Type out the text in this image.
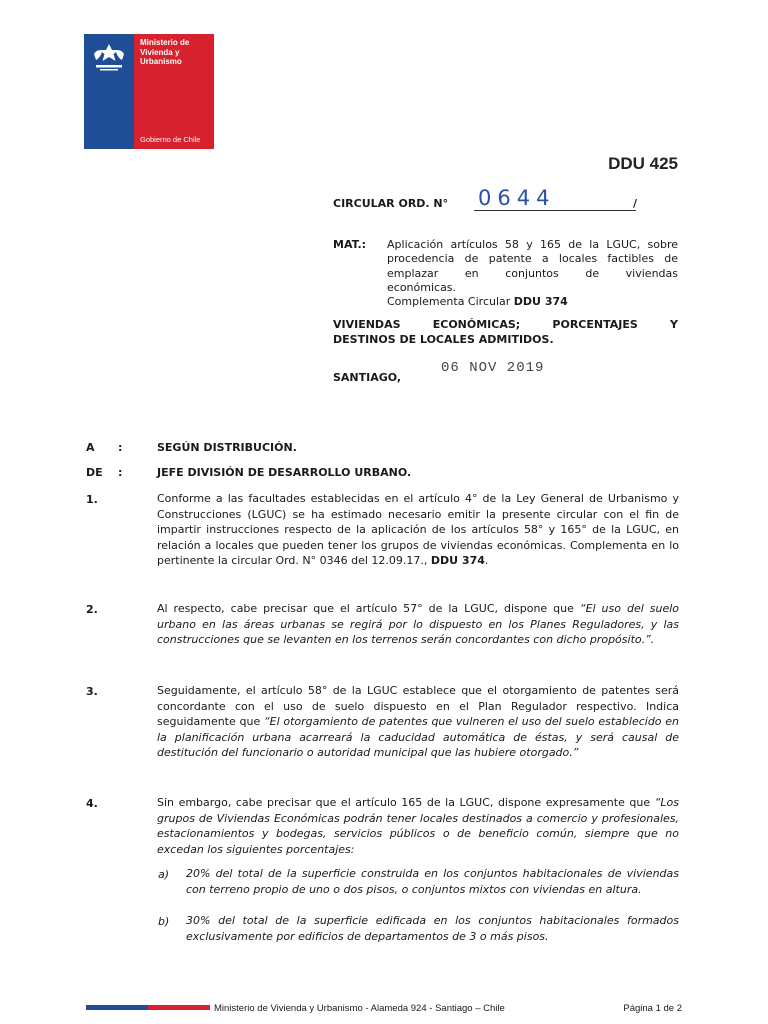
Ministerio de
Vivienda y
Urbanismo
Gobierno de Chile
DDU 425
CIRCULAR ORD. N° 0644	/
MAT.: Aplicación artículos 58 y 165 de la LGUC, sobre
procedencia de patente a locales factibles de
emplazar en conjuntos de viviendas
económicas.
Complementa Circular DDU 374
VIVIENDAS ECONÓMICAS; PORCENTAJES Y
DESTINOS DE LOCALES ADMITIDOS.
06 NOV 2019
SANTIAGO,
A :	SEGÚN DISTRIBUCIÓN.
DE :	JEFE DIVISIÓN DE DESARROLLO URBANO.
1.	Conforme a las facultades establecidas en el artículo 4° de la Ley General de Urbanismo y Construcciones (LGUC) se ha estimado necesario emitir la presente circular con el fin de impartir instrucciones respecto de la aplicación de los artículos 58° y 165° de la LGUC, en relación a locales que pueden tener los grupos de viviendas económicas. Complementa en lo pertinente la circular Ord. N° 0346 del 12.09.17., DDU 374.
2.	Al respecto, cabe precisar que el artículo 57° de la LGUC, dispone que “El uso del suelo urbano en las áreas urbanas se regirá por lo dispuesto en los Planes Reguladores, y las construcciones que se levanten en los terrenos serán concordantes con dicho propósito.”.
3.	Seguidamente, el artículo 58° de la LGUC establece que el otorgamiento de patentes será concordante con el uso de suelo dispuesto en el Plan Regulador respectivo. Indica seguidamente que “El otorgamiento de patentes que vulneren el uso del suelo establecido en la planificación urbana acarreará la caducidad automática de éstas, y será causal de destitución del funcionario o autoridad municipal que las hubiere otorgado.”
4.	Sin embargo, cabe precisar que el artículo 165 de la LGUC, dispone expresamente que “Los grupos de Viviendas Económicas podrán tener locales destinados a comercio y profesionales, estacionamientos y bodegas, servicios públicos o de beneficio común, siempre que no excedan los siguientes porcentajes:
a) 20% del total de la superficie construida en los conjuntos habitacionales de viviendas con terreno propio de uno o dos pisos, o conjuntos mixtos con viviendas en altura.
b) 30% del total de la superficie edificada en los conjuntos habitacionales formados exclusivamente por edificios de departamentos de 3 o más pisos.
Ministerio de Vivienda y Urbanismo - Alameda 924 - Santiago – Chile	Página 1 de 2
